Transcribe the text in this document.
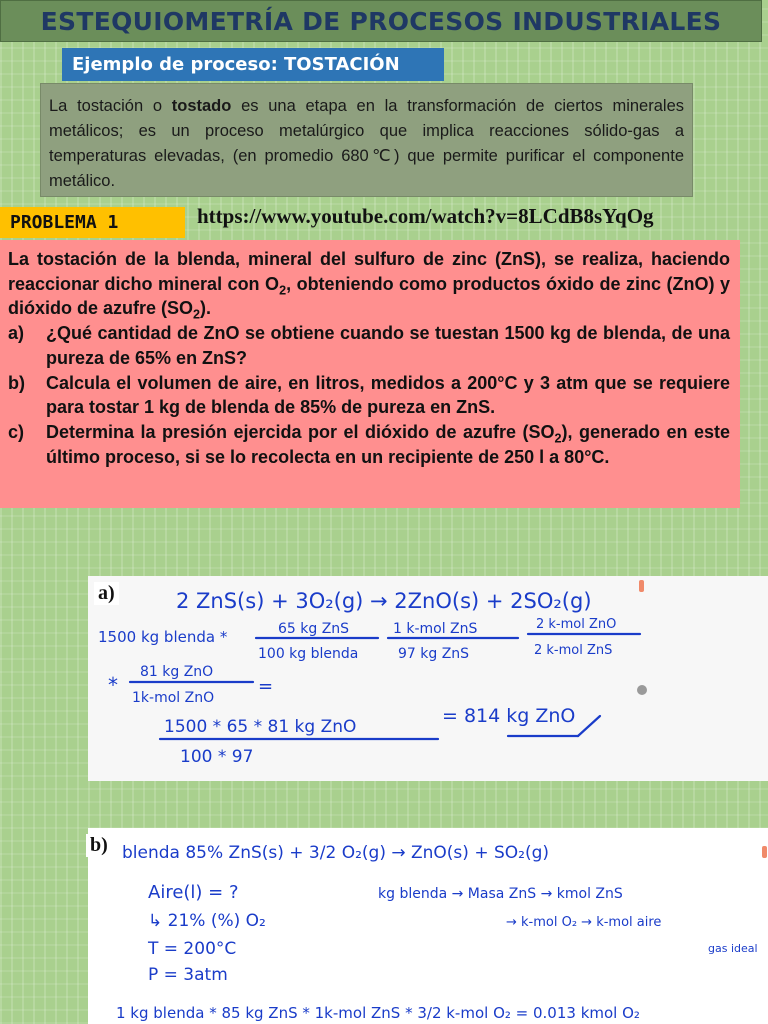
ESTEQUIOMETRÍA DE PROCESOS INDUSTRIALES
Ejemplo de proceso: TOSTACIÓN
La tostación o tostado es una etapa en la transformación de ciertos minerales metálicos; es un proceso metalúrgico que implica reacciones sólido-gas a temperaturas elevadas, (en promedio 680℃) que permite purificar el componente metálico.
PROBLEMA 1	https://www.youtube.com/watch?v=8LCdB8sYqOg

La tostación de la blenda, mineral del sulfuro de zinc (ZnS), se realiza, haciendo reaccionar dicho mineral con $O_2$, obteniendo como productos óxido de zinc (ZnO) y dióxido de azufre $(SO_2)$.

a)	¿Qué cantidad de ZnO se obtiene cuando se tuestan 1500 kg de blenda, de una pureza de 65% en ZnS?
b)	Calcula el volumen de aire, en litros, medidos a 200°C y 3 atm que se requiere para tostar 1 kg de blenda de 85% de pureza en ZnS.
c)	Determina la presión ejercida por el dióxido de azufre $(SO_2)$, generado en este último proceso, si se lo recolecta en un recipiente de 250 l a 80°C.
2 ZnS(s) + 3O₂(g) → 2ZnO(s) + 2SO₂(g)
1500 kg blenda *	65 kg ZnS
100 kg blenda
1 k-mol ZnS
97 kg ZnS
2 k-mol ZnO
2 k-mol ZnS
*
81 kg ZnO
1k-mol ZnO
=
1500 * 65 * 81 kg ZnO
100 * 97
= 814 kg ZnO
a)
blenda 85% ZnS(s) + 3/2 O₂(g) → ZnO(s) + SO₂(g)
Aire(l) = ?
↳ 21% (%) O₂
T = 200°C
P = 3atm
kg blenda → Masa ZnS → kmol ZnS
→ k-mol O₂ → k-mol aire
gas ideal
1 kg blenda * 85 kg ZnS * 1k-mol ZnS * 3/2 k-mol O₂ = 0.013 kmol O₂
b)
